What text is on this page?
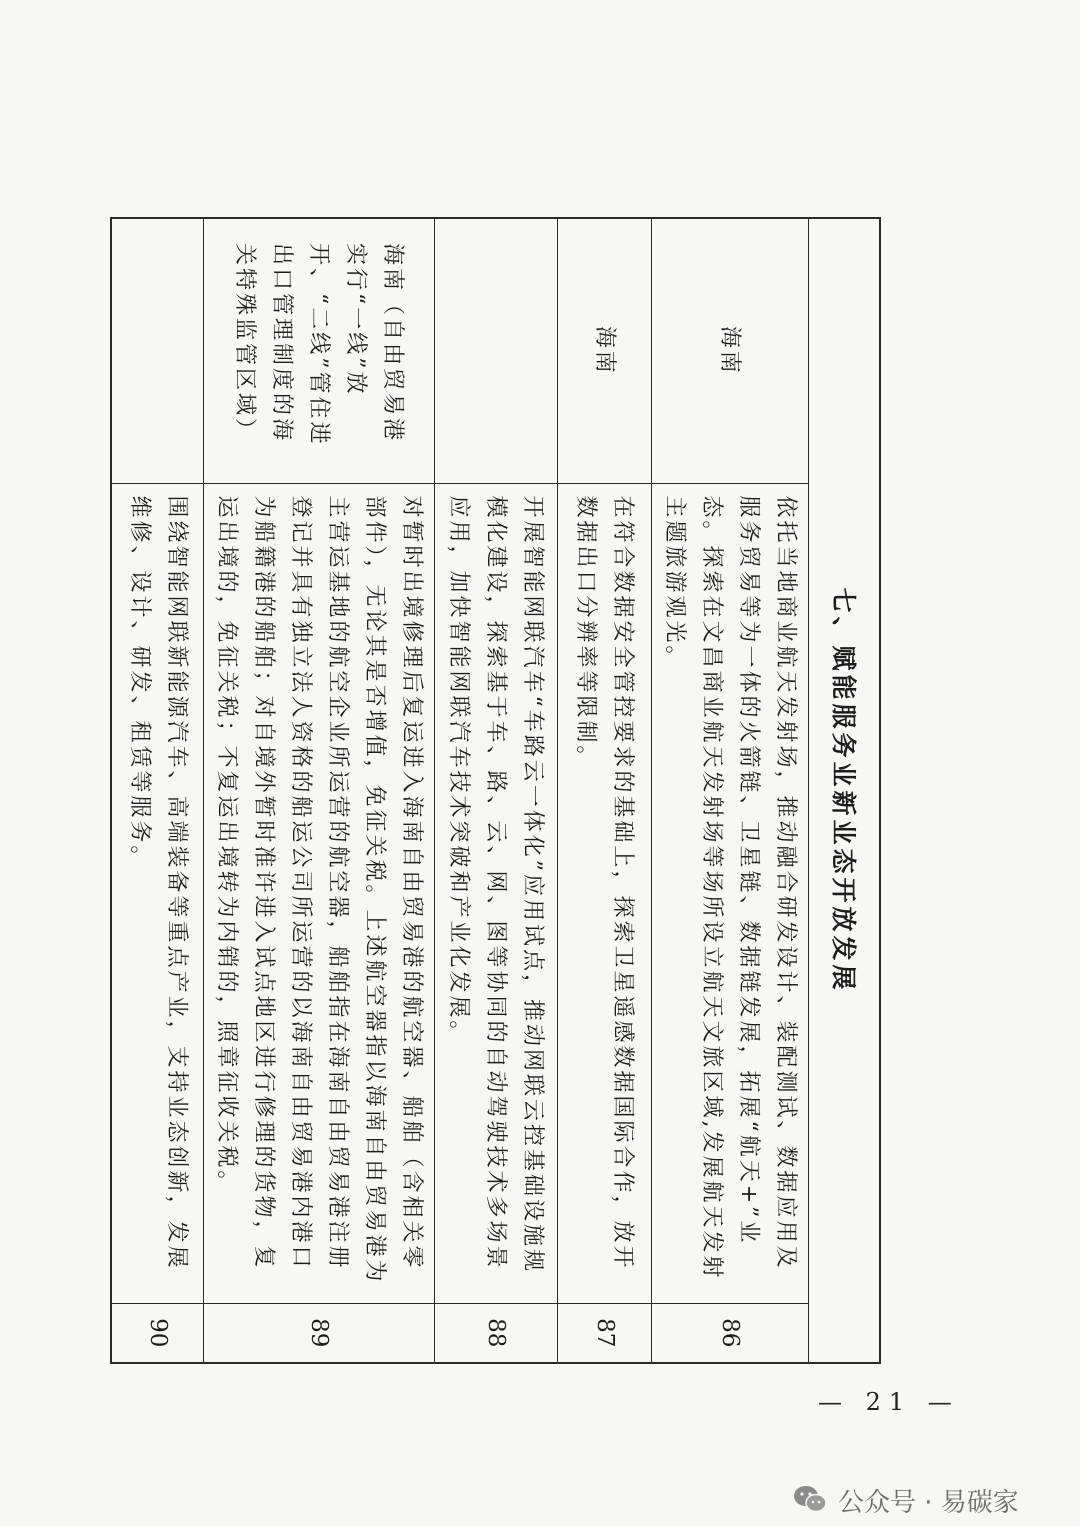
七、赋能服务业新业态开放发展		
海南	依托当地商业航天发射场，推动融合研发设计、装配测试、数据应用及服务贸易等为一体的火箭链、卫星链、数据链发展，拓展“航天+”业态。探索在文昌商业航天发射场等场所设立航天文旅区域,发展航天发射主题旅游观光。	86
海南	在符合数据安全管控要求的基础上，探索卫星遥感数据国际合作，放开数据出口分辨率等限制。	87
	开展智能网联汽车“车路云一体化”应用试点，推动网联云控基础设施规模化建设，探索基于车、路、云、网、图等协同的自动驾驶技术多场景应用，加快智能网联汽车技术突破和产业化发展。	88
海南（自由贸易港实行“一线”放开、“二线”管住进出口管理制度的海关特殊监管区域）	对暂时出境修理后复运进入海南自由贸易港的航空器、船舶（含相关零部件），无论其是否增值，免征关税。上述航空器指以海南自由贸易港为主营运基地的航空企业所运营的航空器，船舶指在海南自由贸易港注册登记并具有独立法人资格的船运公司所运营的以海南自由贸易港内港口为船籍港的船舶；对自境外暂时准许进入试点地区进行修理的货物，复运出境的，免征关税；不复运出境转为内销的，照章征收关税。	89
	围绕智能网联新能源汽车、高端装备等重点产业，支持业态创新，发展维修、设计、研发、租赁等服务。	90
— 21 —
公众号 · 易碳家
